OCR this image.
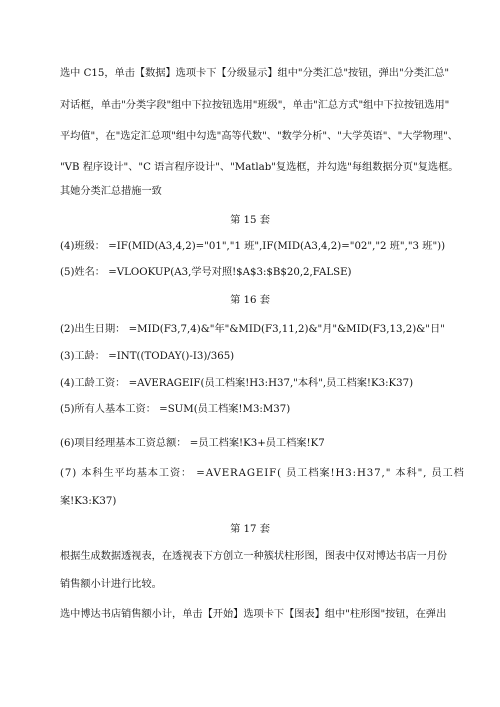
选中 C15，单击【数据】选项卡下【分级显示】组中"分类汇总"按钮，弹出"分类汇总"
对话框，单击"分类字段"组中下拉按钮选用"班级"，单击"汇总方式"组中下拉按钮选用"
平均值"，在"选定汇总项"组中勾选"高等代数"、"数学分析"、"大学英语"、"大学物理"、
"VB 程序设计"、"C 语言程序设计"、"Matlab"复选框，并勾选"每组数据分页"复选框。
其她分类汇总措施一致
第 15 套
(4)班级： =IF(MID(A3,4,2)="01","1 班",IF(MID(A3,4,2)="02","2 班","3 班"))
(5)姓名： =VLOOKUP(A3,学号对照!$A$3:$B$20,2,FALSE)
第 16 套
(2)出生日期： =MID(F3,7,4)&"年"&MID(F3,11,2)&"月"&MID(F3,13,2)&"日"
(3)工龄： =INT((TODAY()-I3)/365)
(4)工龄工资： =AVERAGEIF(员工档案!H3:H37,"本科",员工档案!K3:K37)
(5)所有人基本工资： =SUM(员工档案!M3:M37)
(6)项目经理基本工资总额： =员工档案!K3+员工档案!K7
(7) 本科生平均基本工资： =AVERAGEIF( 员工档案!H3:H37," 本科", 员工档
案!K3:K37)
第 17 套
根据生成数据透视表，在透视表下方创立一种簇状柱形图，图表中仅对博达书店一月份
销售额小计进行比较。
选中博达书店销售额小计，单击【开始】选项卡下【图表】组中"柱形图"按钮，在弹出
